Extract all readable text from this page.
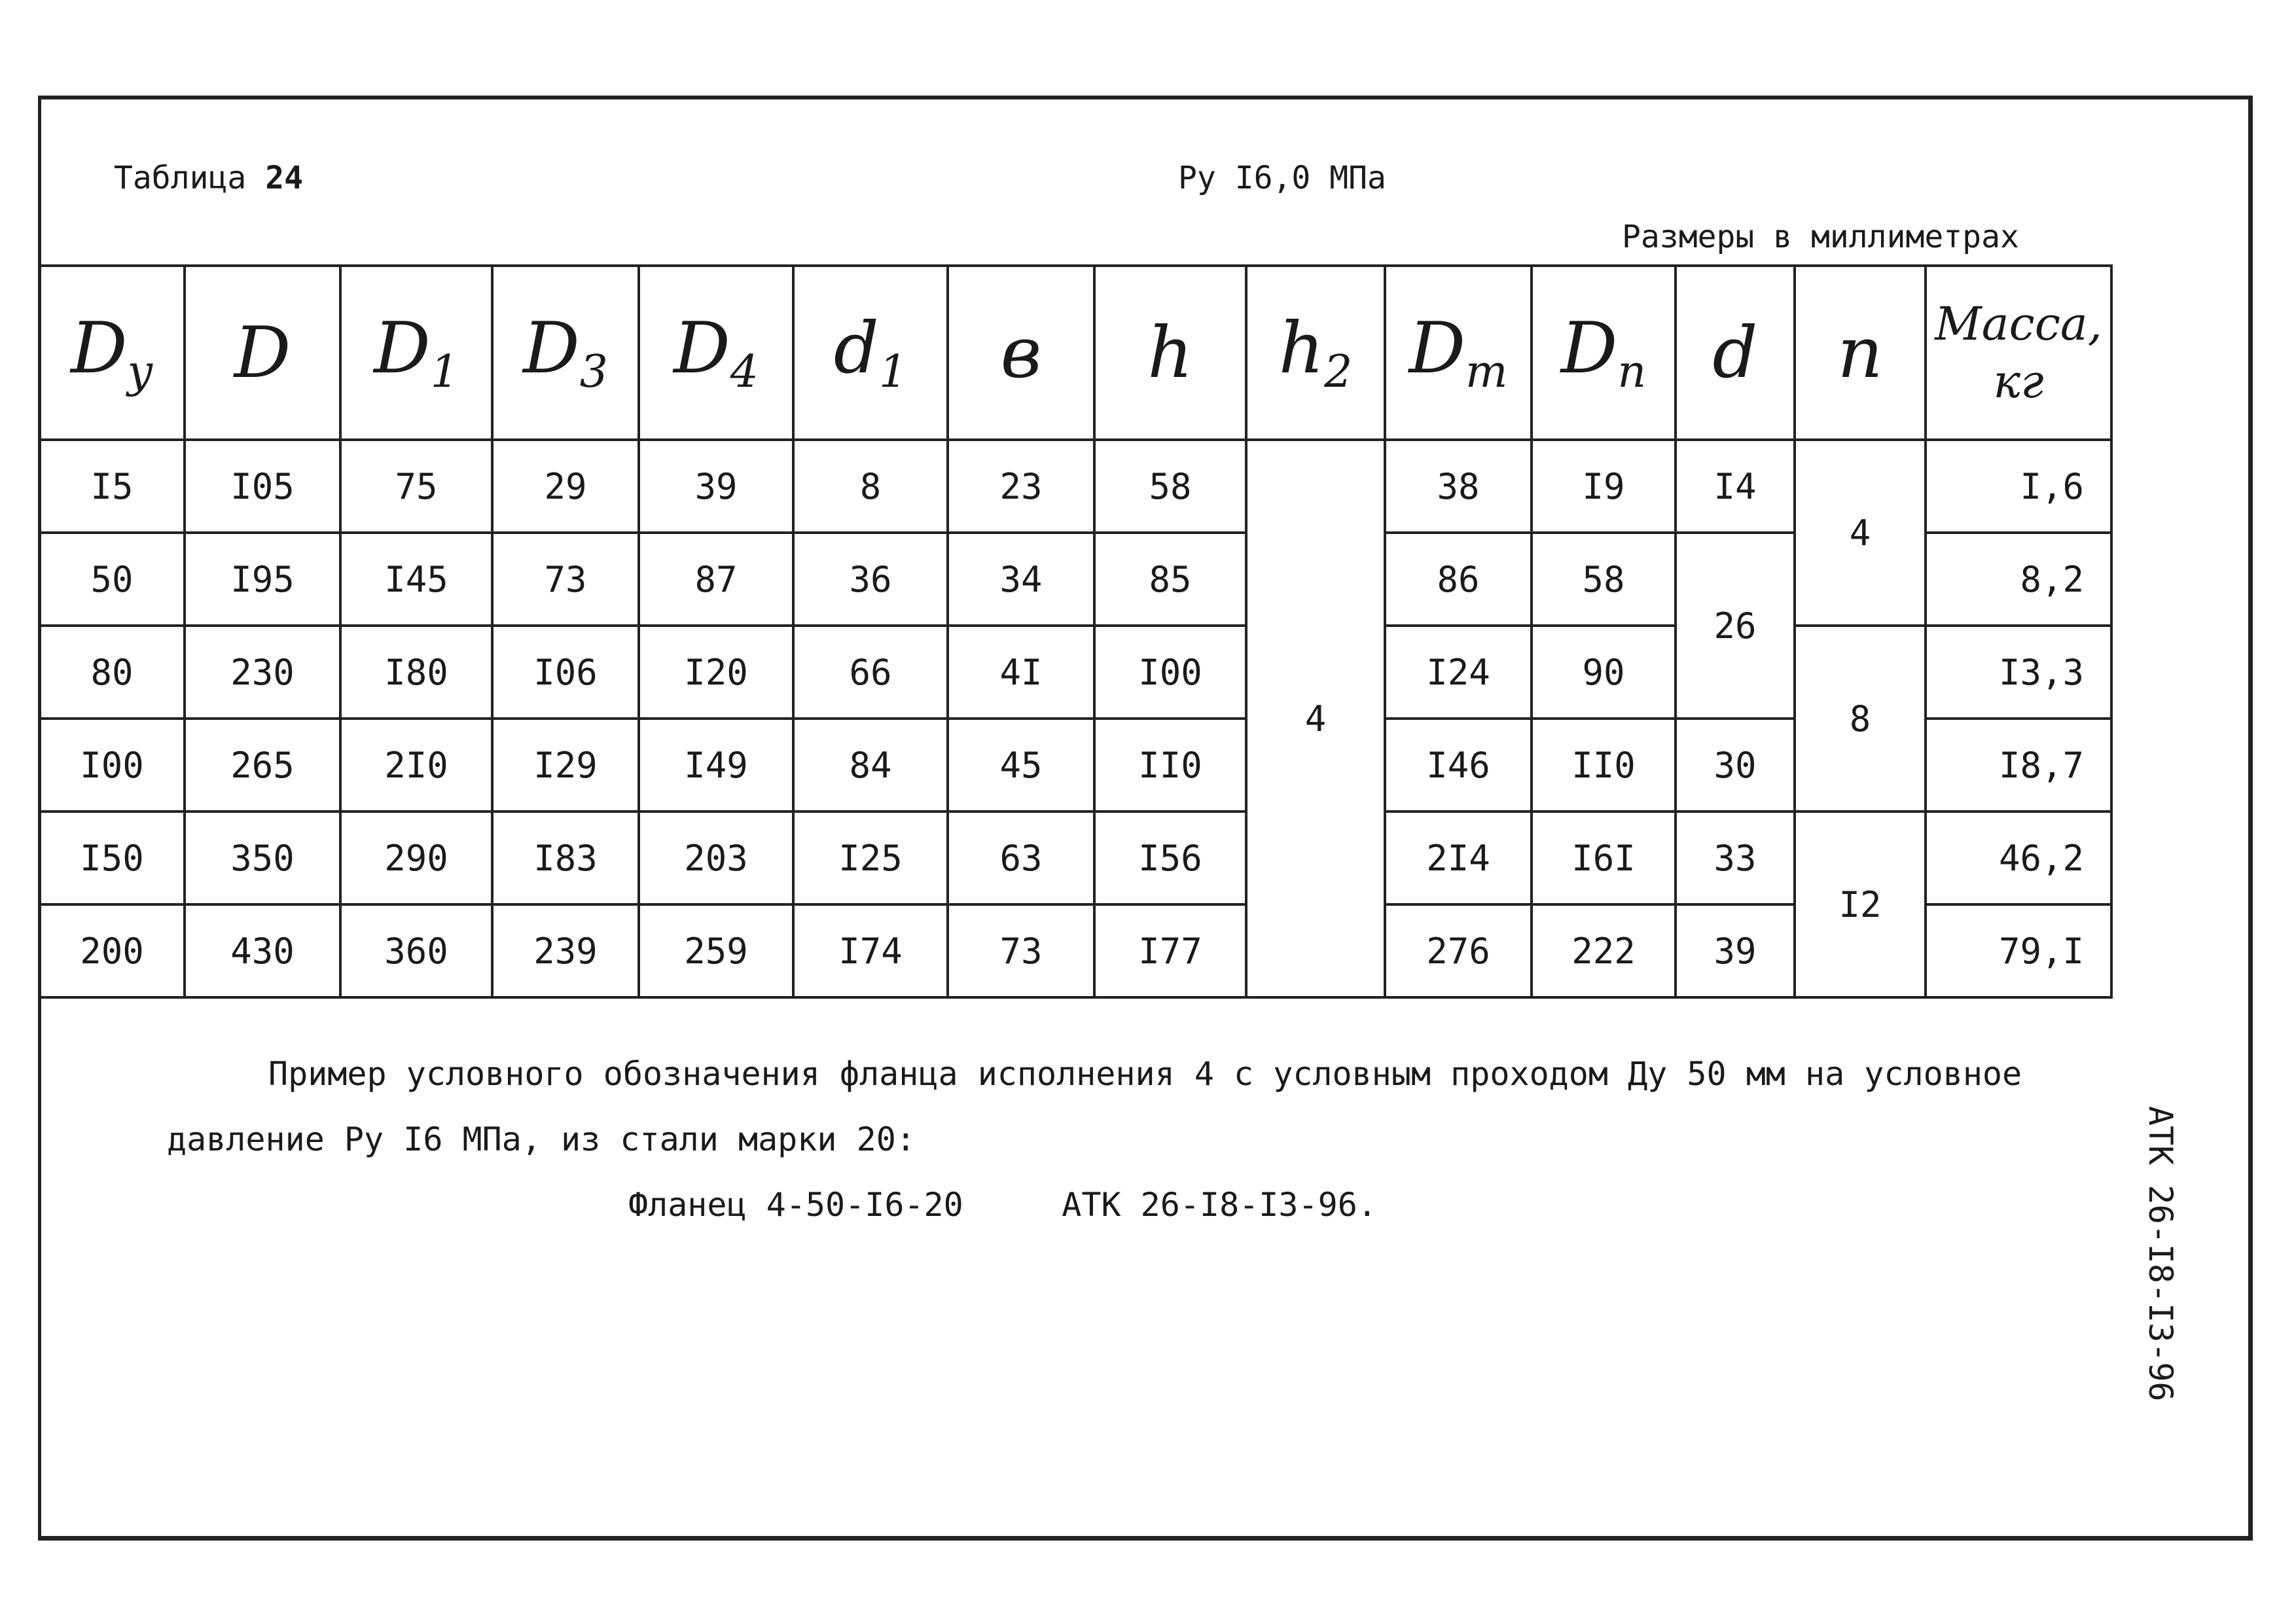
Таблица 24	Ру I6,0 МПа
Размеры в миллиметрах
$D_у$	D	$D_1$	$D_3$	$D_4$	$d_1$	в	h	$h_2$	$D_m$	$D_n$	d	n	Масса,
кг
I5	I05	75	29	39	8	23	58	4	38	I9	I4	4	I,6
50	I95	I45	73	87	36	34	85		86	58	26		8,2
80	230	I80	I06	I20	66	4I	I00		I24	90		8	I3,3
I00	265	2I0	I29	I49	84	45	II0		I46	II0	30		I8,7
I50	350	290	I83	203	I25	63	I56		2I4	I6I	33	I2	46,2
200	430	360	239	259	I74	73	I77		276	222	39		79,I
Пример условного обозначения фланца исполнения 4 с условным проходом Ду 50 мм на условное
давление Ру I6 МПа, из стали марки 20:
Фланец 4-50-I6-20     АТК 26-I8-I3-96.	АТК 26-I8-I3-96
